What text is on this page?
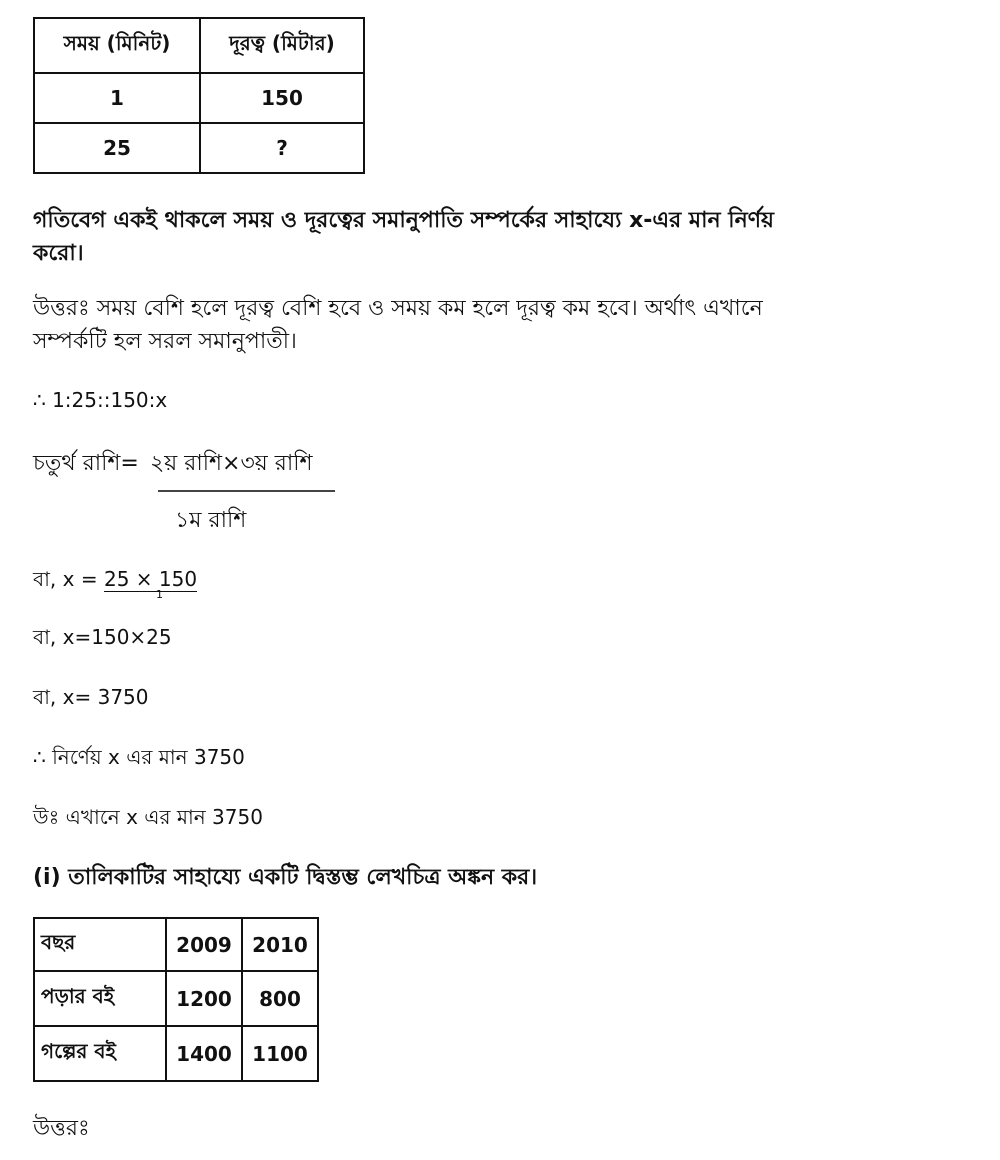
সময় (মিনিট)	দূরত্ব (মিটার)
1	150
25	?
গতিবেগ একই থাকলে সময় ও দূরত্বের সমানুপাতি সম্পর্কের সাহায্যে x-এর মান নির্ণয়
করো।
উত্তরঃ সময় বেশি হলে দূরত্ব বেশি হবে ও সময় কম হলে দূরত্ব কম হবে। অর্থাৎ এখানে
সম্পর্কটি হল সরল সমানুপাতী।
∴ 1:25::150:x
চতুর্থ রাশি= ২য় রাশি×৩য় রাশি
১ম রাশি
বা, x = 25 × 150
1
বা, x=150×25
বা, x= 3750
∴ নির্ণেয় x এর মান 3750
উঃ এখানে x এর মান 3750
(i) তালিকাটির সাহায্যে একটি দ্বিস্তম্ভ লেখচিত্র অঙ্কন কর।
বছর	2009	2010
পড়ার বই	1200	800
গল্পের বই	1400	1100
উত্তরঃ
